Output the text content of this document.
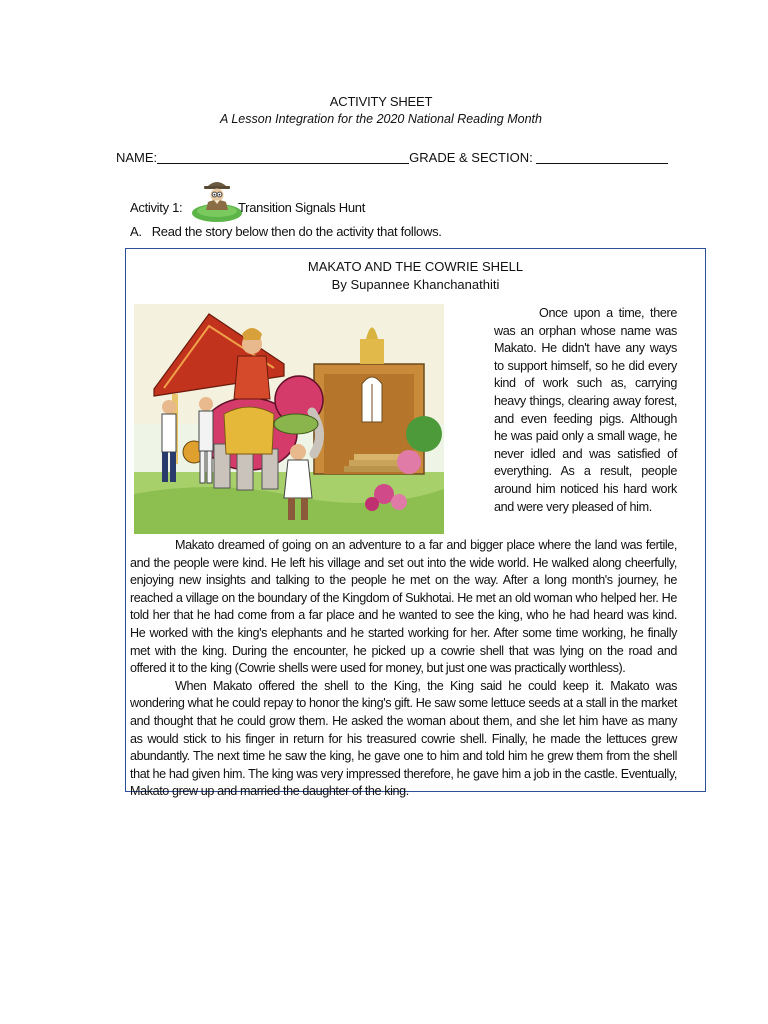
ACTIVITY SHEET
A Lesson Integration for the 2020 National Reading Month
NAME:	GRADE & SECTION:
Activity 1:	Transition Signals Hunt
A. Read the story below then do the activity that follows.
MAKATO AND THE COWRIE SHELL
By Supannee Khanchanathiti
Once upon a time, there was an orphan whose name was Makato. He didn't have any ways to support himself, so he did every kind of work such as, carrying heavy things, clearing away forest, and even feeding pigs. Although he was paid only a small wage, he never idled and was satisfied of everything. As a result, people around him noticed his hard work and were very pleased of him.

Makato dreamed of going on an adventure to a far and bigger place where the land was fertile, and the people were kind. He left his village and set out into the wide world. He walked along cheerfully, enjoying new insights and talking to the people he met on the way. After a long month's journey, he reached a village on the boundary of the Kingdom of Sukhotai. He met an old woman who helped her. He told her that he had come from a far place and he wanted to see the king, who he had heard was kind. He worked with the king's elephants and he started working for her. After some time working, he finally met with the king. During the encounter, he picked up a cowrie shell that was lying on the road and offered it to the king (Cowrie shells were used for money, but just one was practically worthless).

When Makato offered the shell to the King, the King said he could keep it. Makato was wondering what he could repay to honor the king's gift. He saw some lettuce seeds at a stall in the market and thought that he could grow them. He asked the woman about them, and she let him have as many as would stick to his finger in return for his treasured cowrie shell. Finally, he made the lettuces grew abundantly. The next time he saw the king, he gave one to him and told him he grew them from the shell that he had given him. The king was very impressed therefore, he gave him a job in the castle. Eventually, Makato grew up and married the daughter of the king.
